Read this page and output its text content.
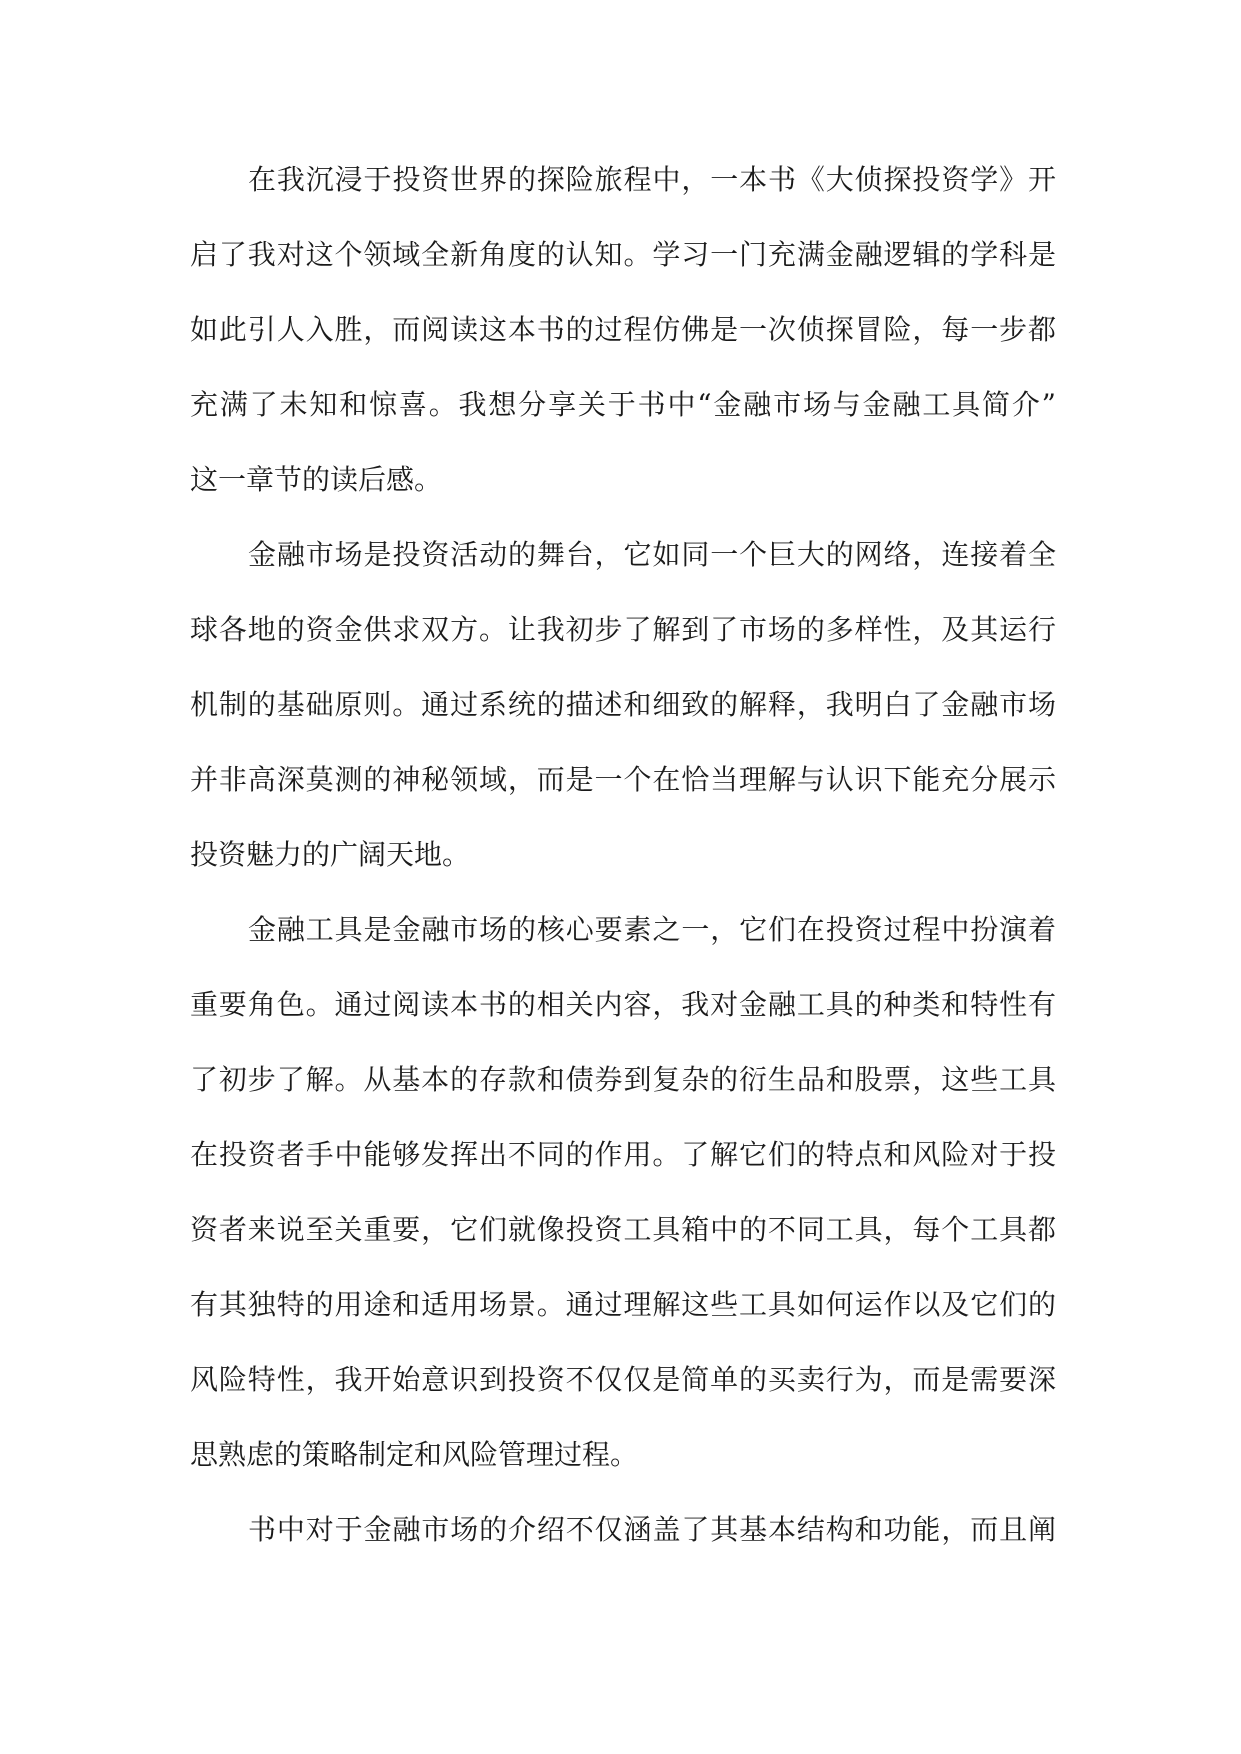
在我沉浸于投资世界的探险旅程中，一本书《大侦探投资学》开
启了我对这个领域全新角度的认知。学习一门充满金融逻辑的学科是
如此引人入胜，而阅读这本书的过程仿佛是一次侦探冒险，每一步都
充满了未知和惊喜。我想分享关于书中“金融市场与金融工具简介”
这一章节的读后感。
金融市场是投资活动的舞台，它如同一个巨大的网络，连接着全
球各地的资金供求双方。让我初步了解到了市场的多样性，及其运行
机制的基础原则。通过系统的描述和细致的解释，我明白了金融市场
并非高深莫测的神秘领域，而是一个在恰当理解与认识下能充分展示
投资魅力的广阔天地。
金融工具是金融市场的核心要素之一，它们在投资过程中扮演着
重要角色。通过阅读本书的相关内容，我对金融工具的种类和特性有
了初步了解。从基本的存款和债券到复杂的衍生品和股票，这些工具
在投资者手中能够发挥出不同的作用。了解它们的特点和风险对于投
资者来说至关重要，它们就像投资工具箱中的不同工具，每个工具都
有其独特的用途和适用场景。通过理解这些工具如何运作以及它们的
风险特性，我开始意识到投资不仅仅是简单的买卖行为，而是需要深
思熟虑的策略制定和风险管理过程。
书中对于金融市场的介绍不仅涵盖了其基本结构和功能，而且阐
